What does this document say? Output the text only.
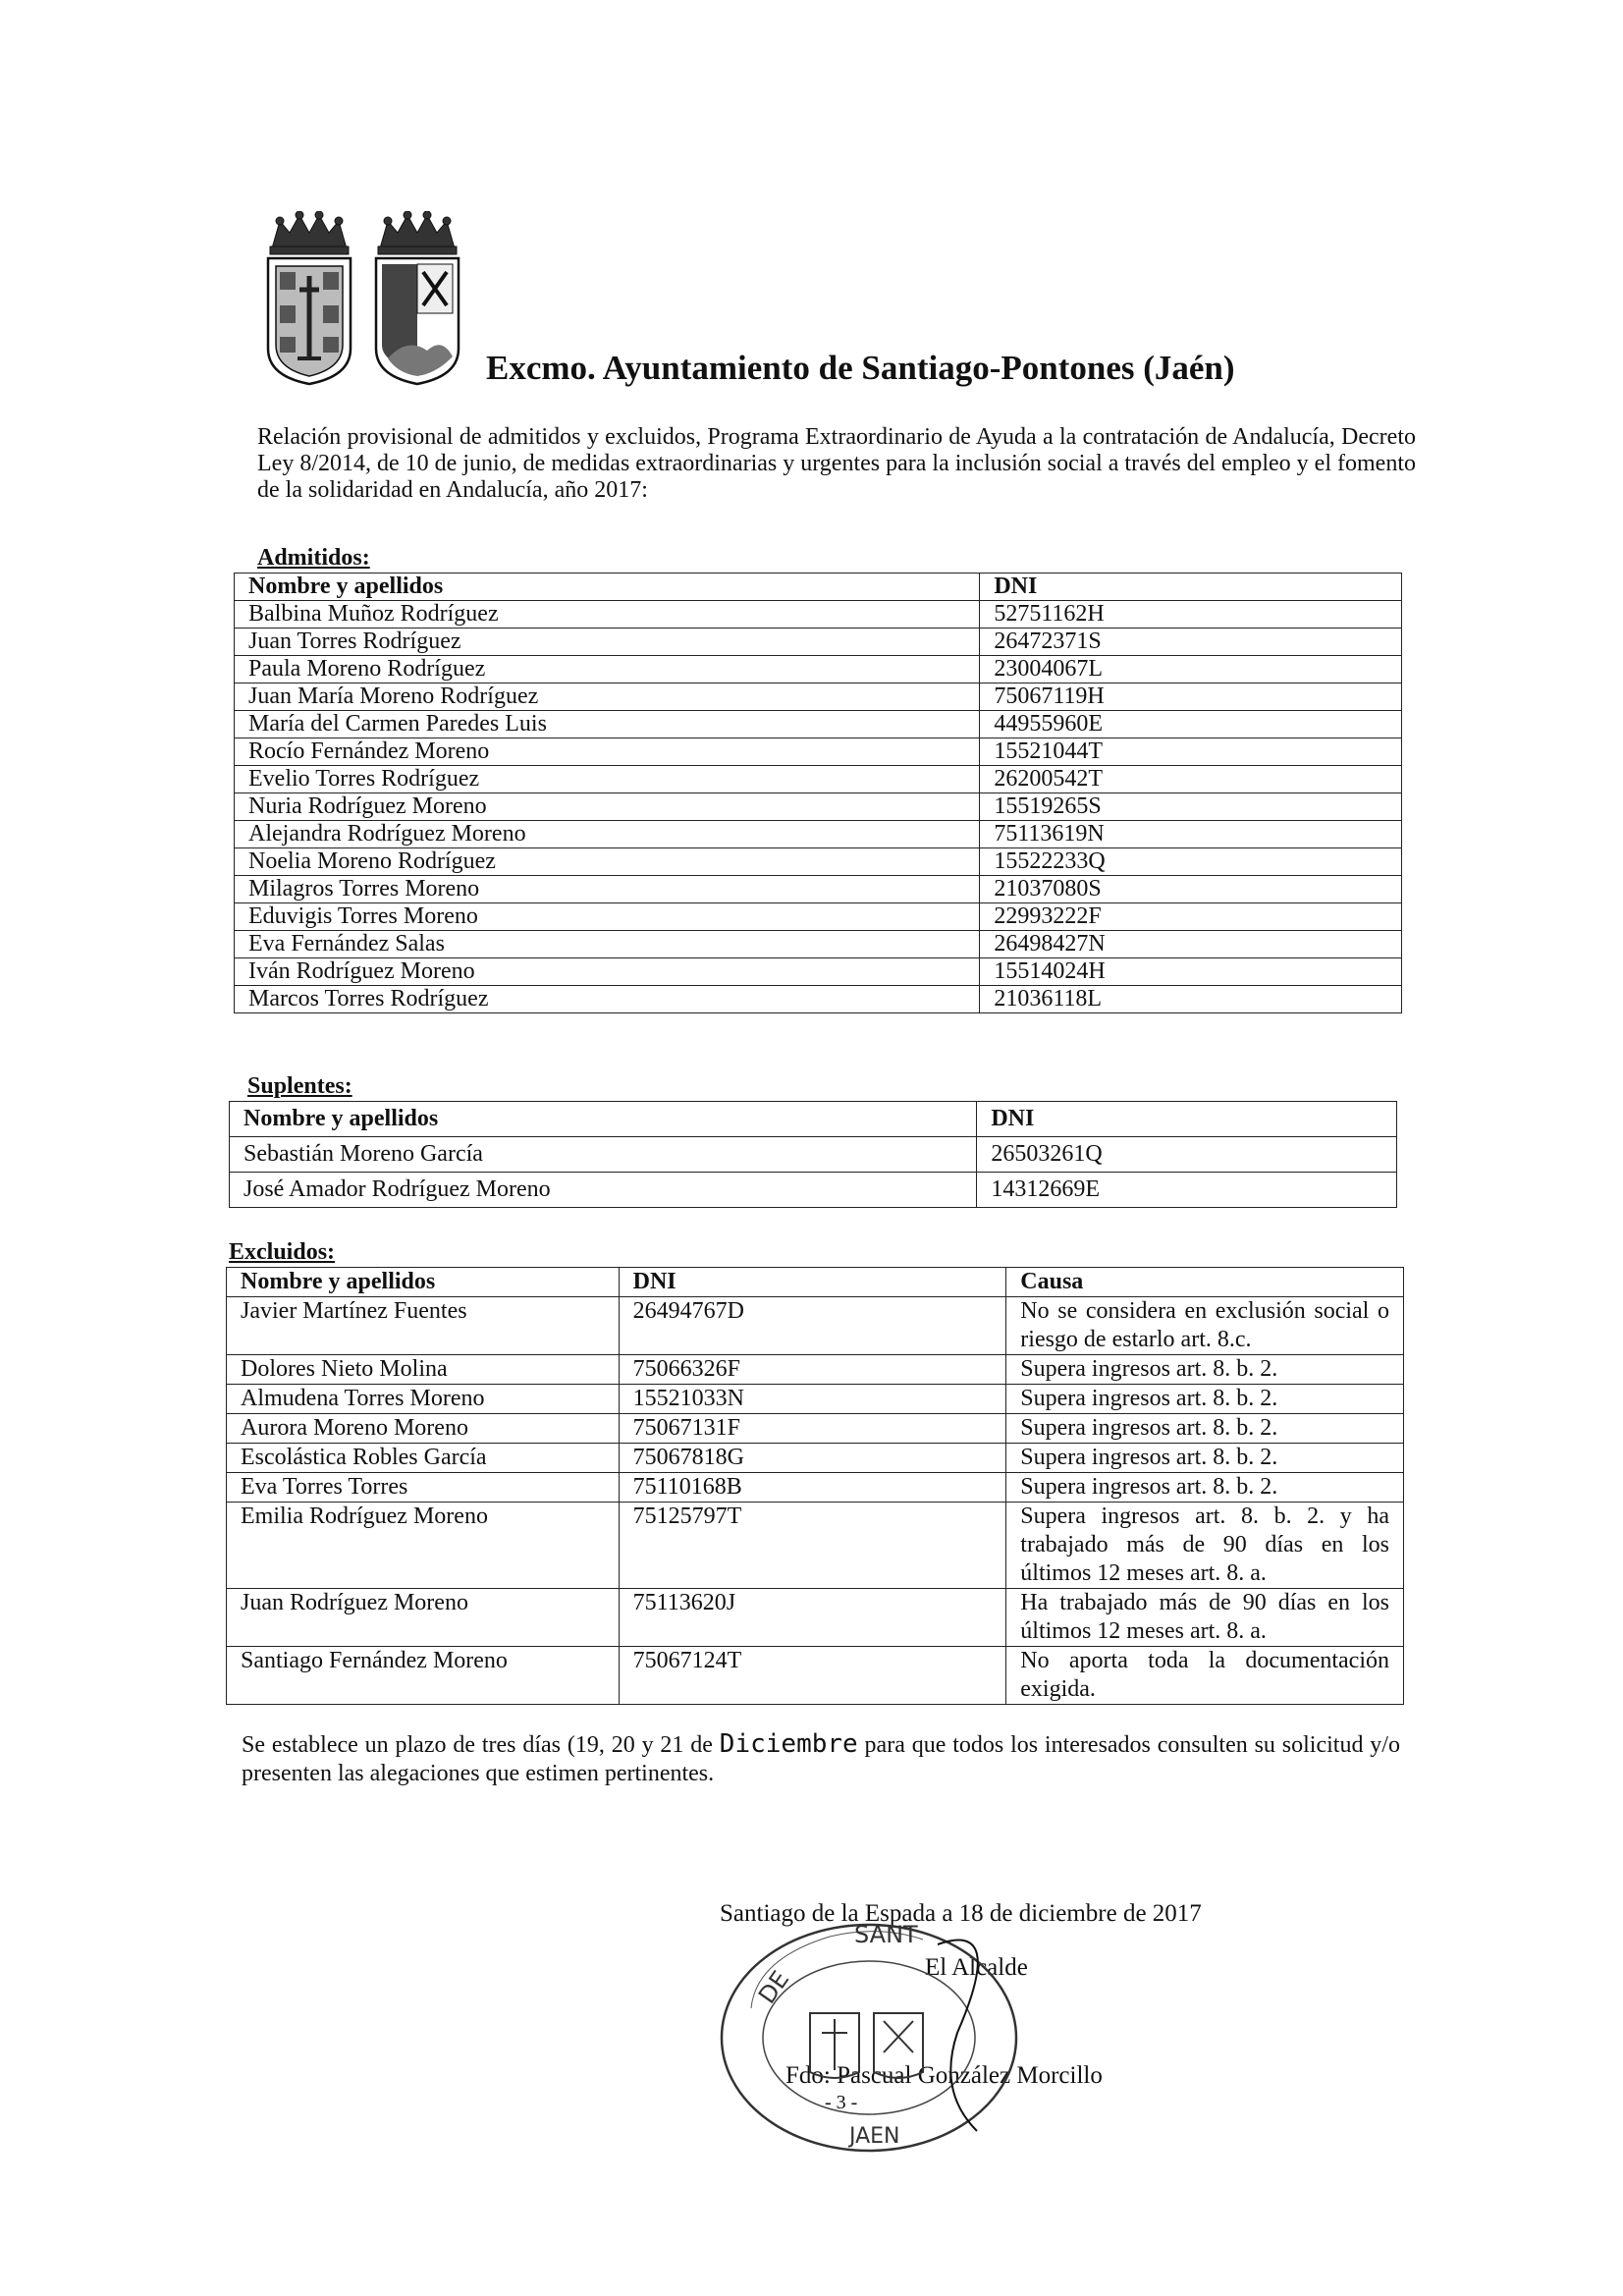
Excmo. Ayuntamiento de Santiago-Pontones (Jaén)
Relación provisional de admitidos y excluidos, Programa Extraordinario de Ayuda a la contratación de Andalucía, Decreto Ley 8/2014, de 10 de junio, de medidas extraordinarias y urgentes para la inclusión social a través del empleo y el fomento de la solidaridad en Andalucía, año 2017:
Admitidos:
Nombre y apellidos	DNI
Balbina Muñoz Rodríguez	52751162H
Juan Torres Rodríguez	26472371S
Paula Moreno Rodríguez	23004067L
Juan María Moreno Rodríguez	75067119H
María del Carmen Paredes Luis	44955960E
Rocío Fernández Moreno	15521044T
Evelio Torres Rodríguez	26200542T
Nuria Rodríguez Moreno	15519265S
Alejandra Rodríguez Moreno	75113619N
Noelia Moreno Rodríguez	15522233Q
Milagros Torres Moreno	21037080S
Eduvigis Torres Moreno	22993222F
Eva Fernández Salas	26498427N
Iván Rodríguez Moreno	15514024H
Marcos Torres Rodríguez	21036118L
Suplentes:
Nombre y apellidos	DNI
Sebastián Moreno García	26503261Q
José Amador Rodríguez Moreno	14312669E
Excluidos:
Nombre y apellidos	DNI	Causa
Javier Martínez Fuentes	26494767D	No se considera en exclusión social o riesgo de estarlo art. 8.c.
Dolores Nieto Molina	75066326F	Supera ingresos art. 8. b. 2.
Almudena Torres Moreno	15521033N	Supera ingresos art. 8. b. 2.
Aurora Moreno Moreno	75067131F	Supera ingresos art. 8. b. 2.
Escolástica Robles García	75067818G	Supera ingresos art. 8. b. 2.
Eva Torres Torres	75110168B	Supera ingresos art. 8. b. 2.
Emilia Rodríguez Moreno	75125797T	Supera ingresos art. 8. b. 2. y ha trabajado más de 90 días en los últimos 12 meses art. 8. a.
Juan Rodríguez Moreno	75113620J	Ha trabajado más de 90 días en los últimos 12 meses art. 8. a.
Santiago Fernández Moreno	75067124T	No aporta toda la documentación exigida.
Se establece un plazo de tres días (19, 20 y 21 de Diciembre para que todos los interesados consulten su solicitud y/o presenten las alegaciones que estimen pertinentes.
Santiago de la Espada a 18 de diciembre de 2017
El Alcalde
Fdo: Pascual González Morcillo
- 3 -
DE
SANT
JAEN
